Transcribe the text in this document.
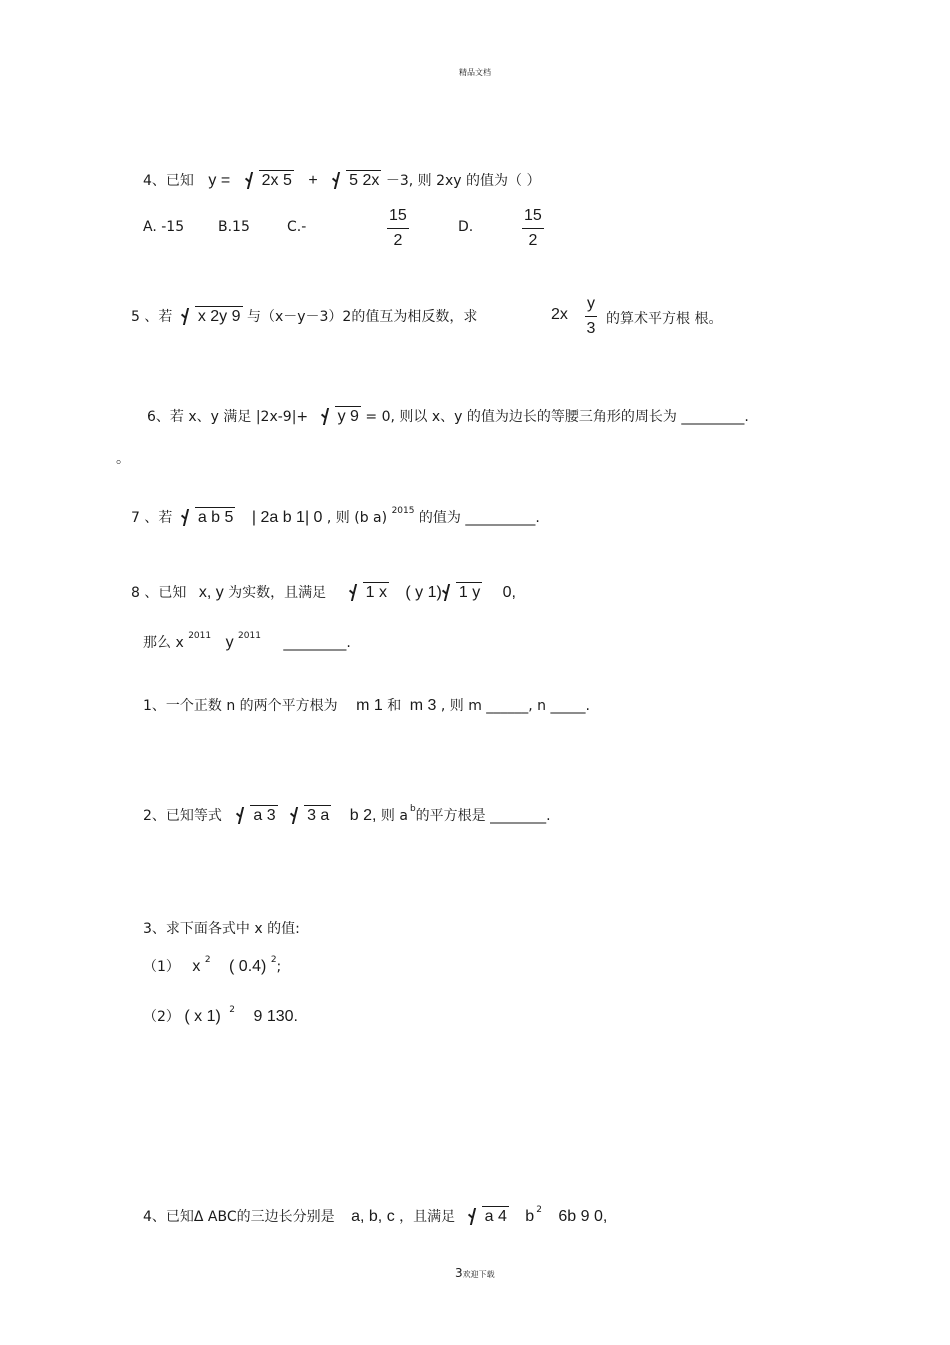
精品文档
4、已知 y = 2x 5 + 5 2x －3, 则 2xy 的值为（ ）
A. -15 B.15	C.-	$\frac{15}{2}$	D.	$\frac{15}{2}$
5 、若 x 2y 9 与（x－y－3）2的值互为相反数，求	$2x \frac{y}{3}$ 的算术平方根 根。
6、若 x、y 满足 |2x-9|+ y 9 = 0, 则以 x、y 的值为边长的等腰三角形的周长为 _________.
。
7 、若 a b 5 | 2a b 1| 0 , 则 (b a) $^{2015}$ 的值为 __________.
8 、已知 x, y 为实数，且满足 1 x ( y 1) 1 y 0,
那么 x $^{2011}$ y $^{2011}$ _________.
1、一个正数 n 的两个平方根为 m 1 和 m 3 , 则 m ______, n _____.
2、已知等式 a 3 3 a b 2, 则 a $^b$的平方根是 ________.
3、求下面各式中 x 的值:
（1） x $^2$ ( 0.4) $^2$;
（2） ( x 1) $^2$ 9 130.
4、已知Δ ABC的三边长分别是 a, b, c ，且满足 a 4 b $^2$ 6b 9 0,
3欢迎下载
